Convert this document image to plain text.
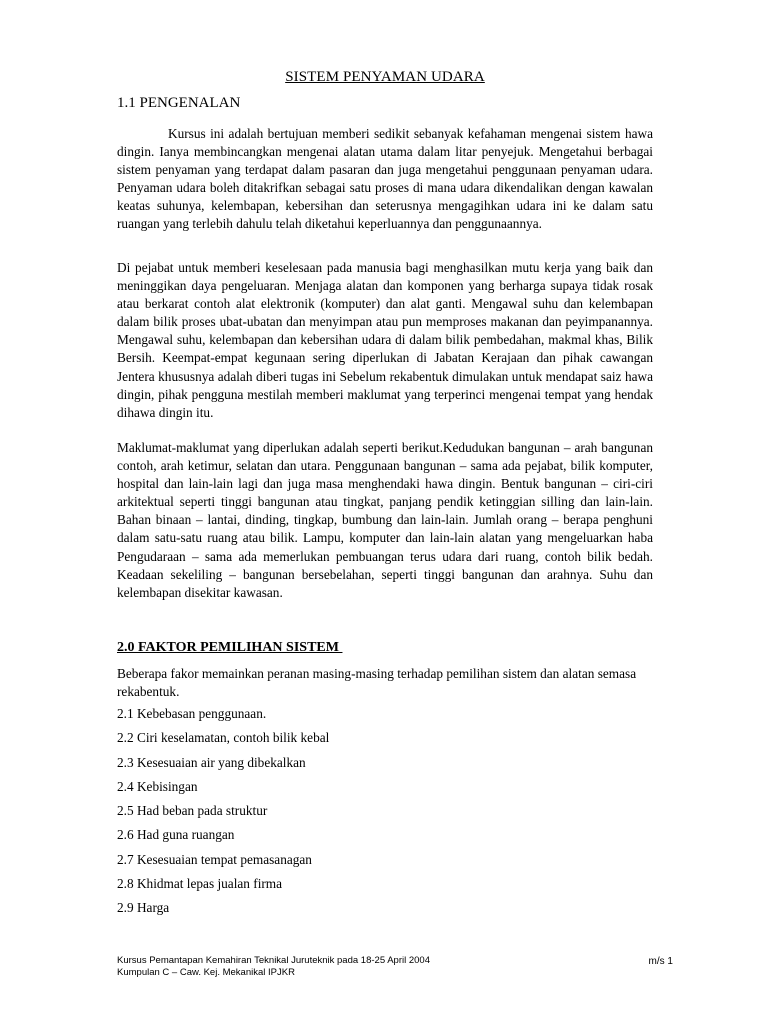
SISTEM PENYAMAN UDARA
1.1 PENGENALAN

Kursus ini adalah bertujuan memberi sedikit sebanyak kefahaman mengenai sistem hawa dingin. Ianya membincangkan mengenai alatan utama dalam litar penyejuk. Mengetahui berbagai sistem penyaman yang terdapat dalam pasaran dan juga mengetahui penggunaan penyaman udara. Penyaman udara boleh ditakrifkan sebagai satu proses di mana udara dikendalikan dengan kawalan keatas suhunya, kelembapan, kebersihan dan seterusnya mengagihkan udara ini ke dalam satu ruangan yang terlebih dahulu telah diketahui keperluannya dan penggunaannya.

Di pejabat untuk memberi keselesaan pada manusia bagi menghasilkan mutu kerja yang baik dan meninggikan daya pengeluaran. Menjaga alatan dan komponen yang berharga supaya tidak rosak atau berkarat contoh alat elektronik (komputer) dan alat ganti. Mengawal suhu dan kelembapan dalam bilik proses ubat-ubatan dan menyimpan atau pun memproses makanan dan peyimpanannya. Mengawal suhu, kelembapan dan kebersihan udara di dalam bilik pembedahan, makmal khas, Bilik Bersih. Keempat-empat kegunaan sering diperlukan di Jabatan Kerajaan dan pihak cawangan Jentera khususnya adalah diberi tugas ini Sebelum rekabentuk dimulakan untuk mendapat saiz hawa dingin, pihak pengguna mestilah memberi maklumat yang terperinci mengenai tempat yang hendak dihawa dingin itu.

Maklumat-maklumat yang diperlukan adalah seperti berikut.Kedudukan bangunan – arah bangunan contoh, arah ketimur, selatan dan utara. Penggunaan bangunan – sama ada pejabat, bilik komputer, hospital dan lain-lain lagi dan juga masa menghendaki hawa dingin. Bentuk bangunan – ciri-ciri arkitektual seperti tinggi bangunan atau tingkat, panjang pendik ketinggian silling dan lain-lain. Bahan binaan – lantai, dinding, tingkap, bumbung dan lain-lain. Jumlah orang – berapa penghuni dalam satu-satu ruang atau bilik. Lampu, komputer dan lain-lain alatan yang mengeluarkan haba Pengudaraan – sama ada memerlukan pembuangan terus udara dari ruang, contoh bilik bedah. Keadaan sekeliling – bangunan bersebelahan, seperti tinggi bangunan dan arahnya. Suhu dan kelembapan disekitar kawasan.

2.0 FAKTOR PEMILIHAN SISTEM

Beberapa fakor memainkan peranan masing-masing terhadap pemilihan sistem dan alatan semasa rekabentuk.

2.1 Kebebasan penggunaan.
2.2 Ciri keselamatan, contoh bilik kebal
2.3 Kesesuaian air yang dibekalkan
2.4 Kebisingan
2.5 Had beban pada struktur
2.6 Had guna ruangan
2.7 Kesesuaian tempat pemasanagan
2.8 Khidmat lepas jualan firma
2.9 Harga
Kursus Pemantapan Kemahiran Teknikal Juruteknik pada 18-25 April 2004
Kumpulan C – Caw. Kej. Mekanikal IPJKR
m/s 1
